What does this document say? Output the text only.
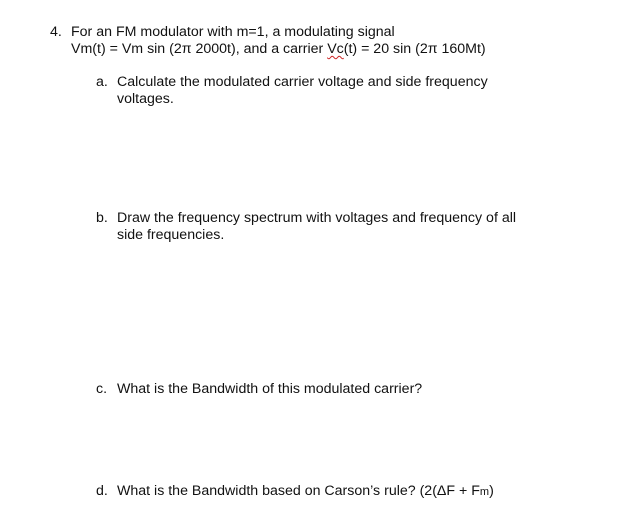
4. For an FM modulator with m=1, a modulating signal
Vm(t) = Vm sin (2π 2000t), and a carrier Vc(t) = 20 sin (2π 160Mt)
a. Calculate the modulated carrier voltage and side frequency
voltages.
b. Draw the frequency spectrum with voltages and frequency of all
side frequencies.
c. What is the Bandwidth of this modulated carrier?
d. What is the Bandwidth based on Carson’s rule? (2(ΔF + Fm)
